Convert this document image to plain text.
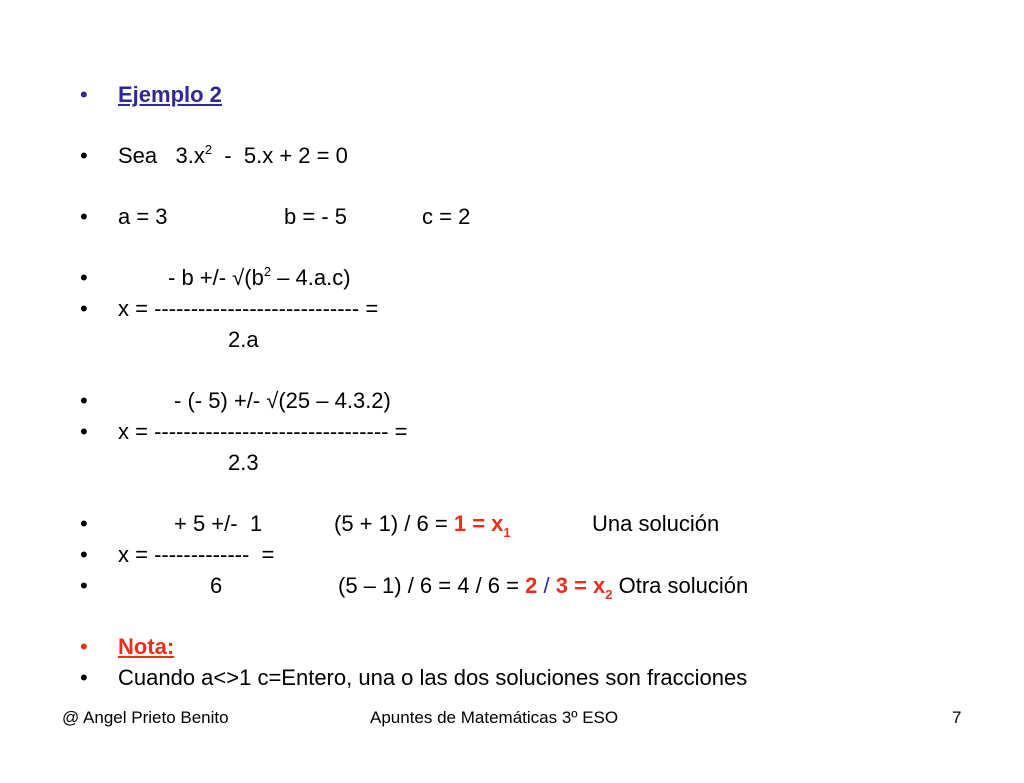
•

Ejemplo 2

•

Sea   $3.x^2 - 5.x + 2 = 0$

•

a = 3

	b = - 5

	c = 2

•

	- b +/- $√(b^2 - 4.a.c)$

•

x = ---------------------------- =

2.a

•

	- (- 5) +/- √(25 – 4.3.2)

•

x = -------------------------------- =

2.3

•

	+ 5 +/-  1

	$(5 + 1) / 6 = 1 = x_1$

	Una solución

•

x = -------------  =

•

	6

	$(5 - 1) / 6 = 4 / 6 = 2 / 3 = x_2$ Otra solución

•

Nota:

•

Cuando a<>1 c=Entero, una o las dos soluciones son fracciones

@ Angel Prieto Benito	Apuntes de Matemáticas 3º ESO	7
